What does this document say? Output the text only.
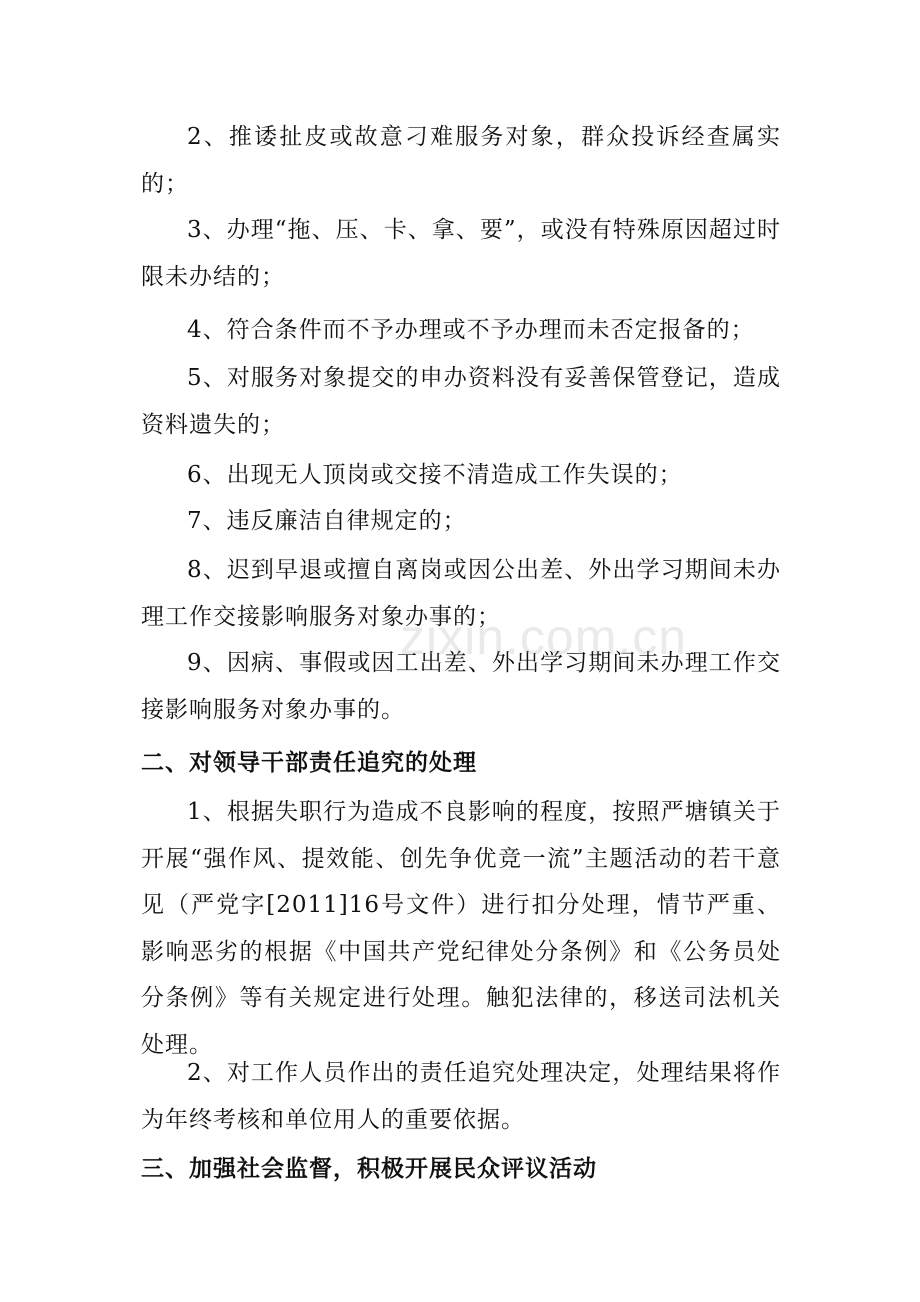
2、推诿扯皮或故意刁难服务对象，群众投诉经查属实的；

3、办理“拖、压、卡、拿、要”，或没有特殊原因超过时限未办结的；

4、符合条件而不予办理或不予办理而未否定报备的；

5、对服务对象提交的申办资料没有妥善保管登记，造成资料遗失的；

6、出现无人顶岗或交接不清造成工作失误的；

7、违反廉洁自律规定的；

8、迟到早退或擅自离岗或因公出差、外出学习期间未办理工作交接影响服务对象办事的；

9、因病、事假或因工出差、外出学习期间未办理工作交接影响服务对象办事的。

二、对领导干部责任追究的处理

1、根据失职行为造成不良影响的程度，按照严塘镇关于开展“强作风、提效能、创先争优竞一流”主题活动的若干意见（严党字[2011]16号文件）进行扣分处理，情节严重、影响恶劣的根据《中国共产党纪律处分条例》和《公务员处分条例》等有关规定进行处理。触犯法律的，移送司法机关处理。

2、对工作人员作出的责任追究处理决定，处理结果将作为年终考核和单位用人的重要依据。

三、加强社会监督，积极开展民众评议活动
zixin.com.cn
